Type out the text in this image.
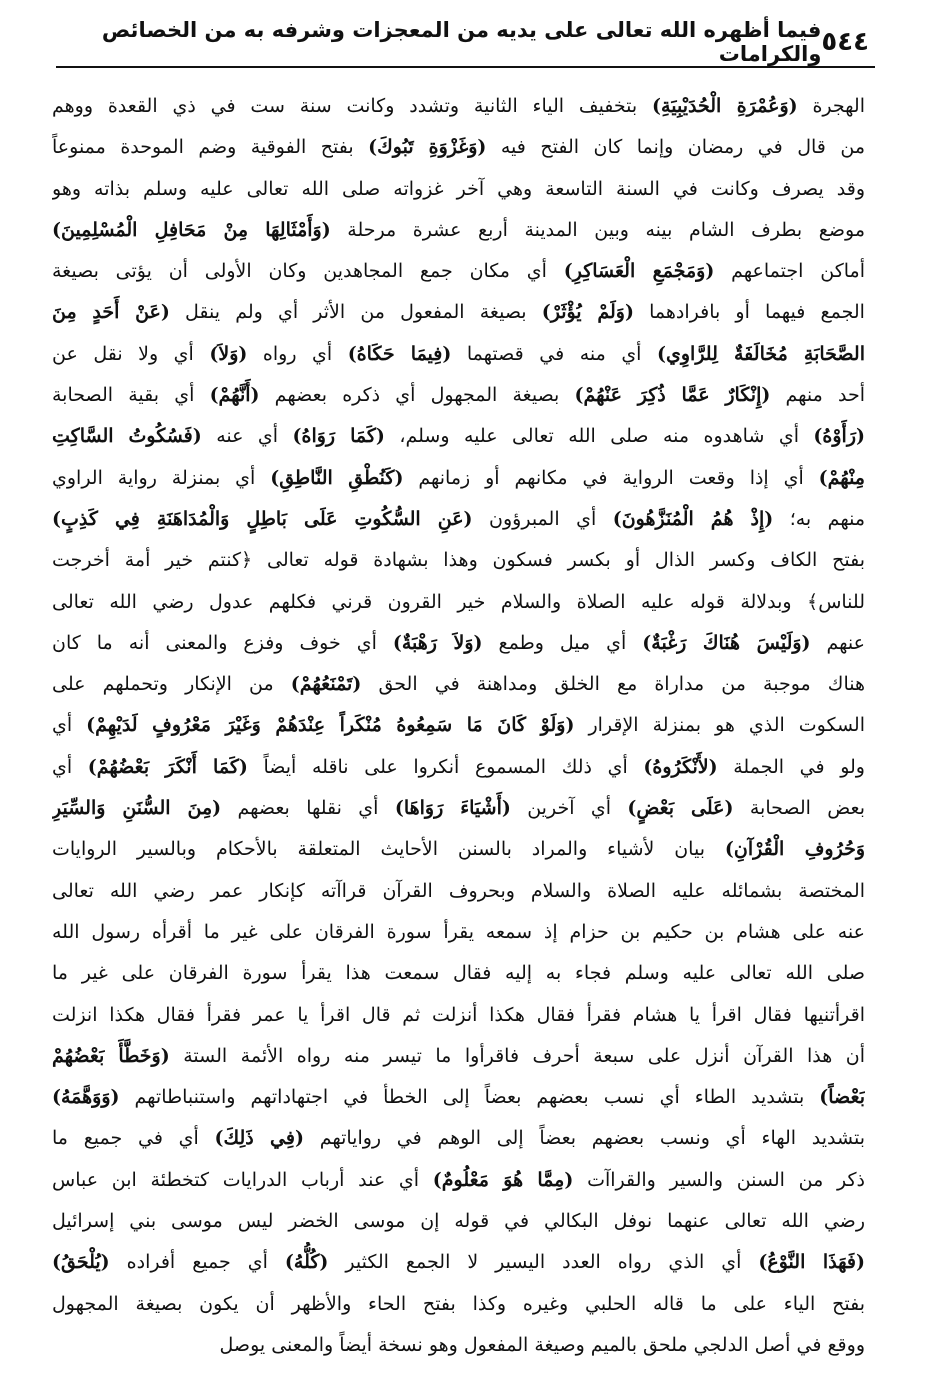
٥٤٤
فيما أظهره الله تعالى على يديه من المعجزات وشرفه به من الخصائص والكرامات
الهجرة (وَعُمْرَةِ الْحُدَيْبِيَةِ) بتخفيف الياء الثانية وتشدد وكانت سنة ست في ذي القعدة ووهم
من قال في رمضان وإنما كان الفتح فيه (وَغَزْوَةِ تَبُوكَ) بفتح الفوقية وضم الموحدة ممنوعاً
وقد يصرف وكانت في السنة التاسعة وهي آخر غزواته صلى الله تعالى عليه وسلم بذاته وهو
موضع بطرف الشام بينه وبين المدينة أربع عشرة مرحلة (وَأَمْثَالِهَا مِنْ مَحَافِلِ الْمُسْلِمِينَ)
أماكن اجتماعهم (وَمَجْمَعِ الْعَسَاكِرِ) أي مكان جمع المجاهدين وكان الأولى أن يؤتى بصيغة
الجمع فيهما أو بافرادهما (وَلَمْ يُؤْثَرْ) بصيغة المفعول من الأثر أي ولم ينقل (عَنْ أَحَدٍ مِنَ
الصَّحَابَةِ مُخَالَفَةٌ لِلرَّاوِي) أي منه في قصتهما (فِيمَا حَكَاهُ) أي رواه (وَلاَ) أي ولا نقل عن
أحد منهم (إِنْكَارٌ عَمَّا ذُكِرَ عَنْهُمْ) بصيغة المجهول أي ذكره بعضهم (أَنَّهُمْ) أي بقية الصحابة
(رَأَوْهُ) أي شاهدوه منه صلى الله تعالى عليه وسلم، (كَمَا رَوَاهُ) أي عنه (فَسُكُوتُ السَّاكِتِ
مِنْهُمْ) أي إذا وقعت الرواية في مكانهم أو زمانهم (كَنُطْقِ النَّاطِقِ) أي بمنزلة رواية الراوي
منهم به؛ (إِذْ هُمُ الْمُنَزَّهُونَ) أي المبرؤون (عَنِ السُّكُوتِ عَلَى بَاطِلٍ وَالْمُدَاهَنَةِ فِي كَذِبٍ)
بفتح الكاف وكسر الذال أو بكسر فسكون وهذا بشهادة قوله تعالى ﴿كنتم خير أمة أخرجت
للناس﴾ وبدلالة قوله عليه الصلاة والسلام خير القرون قرني فكلهم عدول رضي الله تعالى
عنهم (وَلَيْسَ هُنَاكَ رَغْبَةٌ) أي ميل وطمع (وَلاَ رَهْبَةٌ) أي خوف وفزع والمعنى أنه ما كان
هناك موجبة من مداراة مع الخلق ومداهنة في الحق (تَمْنَعُهُمْ) من الإنكار وتحملهم على
السكوت الذي هو بمنزلة الإقرار (وَلَوْ كَانَ مَا سَمِعُوهُ مُنْكَراً عِنْدَهُمْ وَغَيْرَ مَعْرُوفٍ لَدَيْهِمْ) أي
ولو في الجملة (لأَنْكَرُوهُ) أي ذلك المسموع أنكروا على ناقله أيضاً (كَمَا أَنْكَرَ بَعْضُهُمْ) أي
بعض الصحابة (عَلَى بَعْضٍ) أي آخرين (أَشْيَاءَ رَوَاهَا) أي نقلها بعضهم (مِنَ السُّنَنِ وَالسِّيَرِ
وَحُرُوفِ الْقُرْآنِ) بيان لأشياء والمراد بالسنن الأحايث المتعلقة بالأحكام وبالسير الروايات
المختصة بشمائله عليه الصلاة والسلام وبحروف القرآن قراآته كإنكار عمر رضي الله تعالى
عنه على هشام بن حكيم بن حزام إذ سمعه يقرأ سورة الفرقان على غير ما أقرأه رسول الله
صلى الله تعالى عليه وسلم فجاء به إليه فقال سمعت هذا يقرأ سورة الفرقان على غير ما
اقرأتنيها فقال اقرأ يا هشام فقرأ فقال هكذا أنزلت ثم قال اقرأ يا عمر فقرأ فقال هكذا انزلت
أن هذا القرآن أنزل على سبعة أحرف فاقرأوا ما تيسر منه رواه الأئمة الستة (وَخَطَّأَ بَعْضُهُمْ
بَعْضاً) بتشديد الطاء أي نسب بعضهم بعضاً إلى الخطأ في اجتهاداتهم واستنباطاتهم (وَوَهَّمَهُ)
بتشديد الهاء أي ونسب بعضهم بعضاً إلى الوهم في رواياتهم (فِي ذَلِكَ) أي في جميع ما
ذكر من السنن والسير والقراآت (مِمَّا هُوَ مَعْلُومٌ) أي عند أرباب الدرايات كتخطئة ابن عباس
رضي الله تعالى عنهما نوفل البكالي في قوله إن موسى الخضر ليس موسى بني إسرائيل
(فَهَذَا النَّوْعُ) أي الذي رواه العدد اليسير لا الجمع الكثير (كُلُّهُ) أي جميع أفراده (يُلْحَقُ)
بفتح الياء على ما قاله الحلبي وغيره وكذا بفتح الحاء والأظهر أن يكون بصيغة المجهول
ووقع في أصل الدلجي ملحق بالميم وصيغة المفعول وهو نسخة أيضاً والمعنى يوصل
